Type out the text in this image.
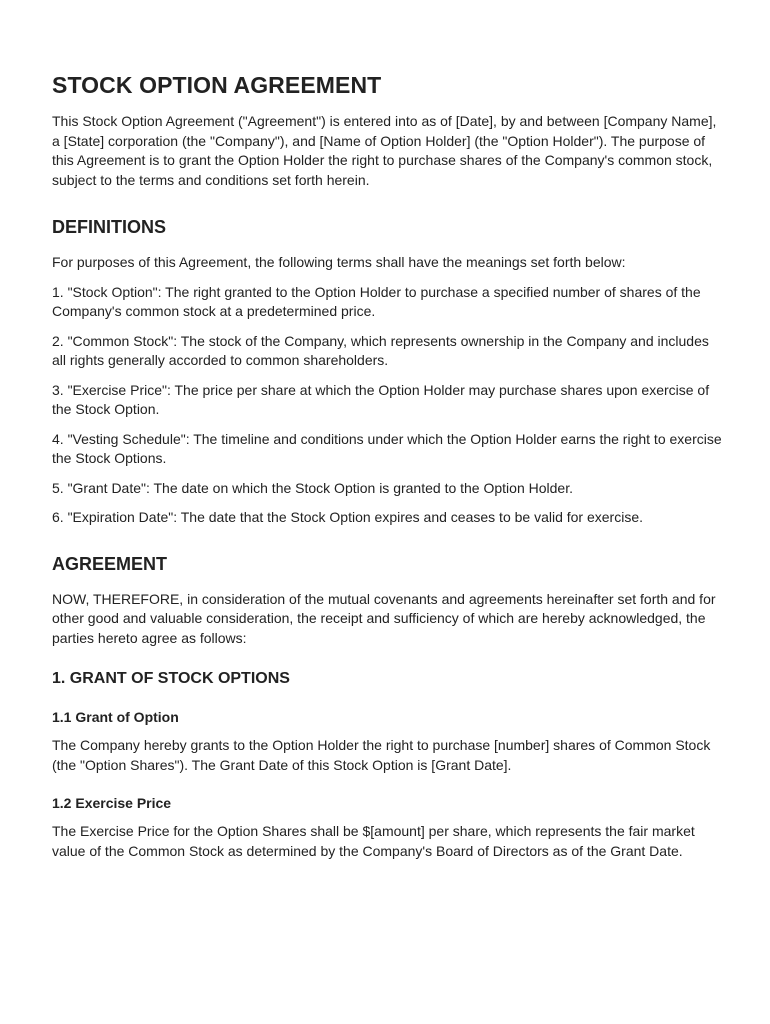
STOCK OPTION AGREEMENT

This Stock Option Agreement ("Agreement") is entered into as of [Date], by and between [Company Name], a [State] corporation (the "Company"), and [Name of Option Holder] (the "Option Holder"). The purpose of this Agreement is to grant the Option Holder the right to purchase shares of the Company's common stock, subject to the terms and conditions set forth herein.

DEFINITIONS

For purposes of this Agreement, the following terms shall have the meanings set forth below:

1. "Stock Option": The right granted to the Option Holder to purchase a specified number of shares of the Company's common stock at a predetermined price.

2. "Common Stock": The stock of the Company, which represents ownership in the Company and includes all rights generally accorded to common shareholders.

3. "Exercise Price": The price per share at which the Option Holder may purchase shares upon exercise of the Stock Option.

4. "Vesting Schedule": The timeline and conditions under which the Option Holder earns the right to exercise the Stock Options.

5. "Grant Date": The date on which the Stock Option is granted to the Option Holder.

6. "Expiration Date": The date that the Stock Option expires and ceases to be valid for exercise.

AGREEMENT

NOW, THEREFORE, in consideration of the mutual covenants and agreements hereinafter set forth and for other good and valuable consideration, the receipt and sufficiency of which are hereby acknowledged, the parties hereto agree as follows:

1. GRANT OF STOCK OPTIONS
1.1 Grant of Option

The Company hereby grants to the Option Holder the right to purchase [number] shares of Common Stock (the "Option Shares"). The Grant Date of this Stock Option is [Grant Date].

1.2 Exercise Price

The Exercise Price for the Option Shares shall be $[amount] per share, which represents the fair market value of the Common Stock as determined by the Company's Board of Directors as of the Grant Date.
